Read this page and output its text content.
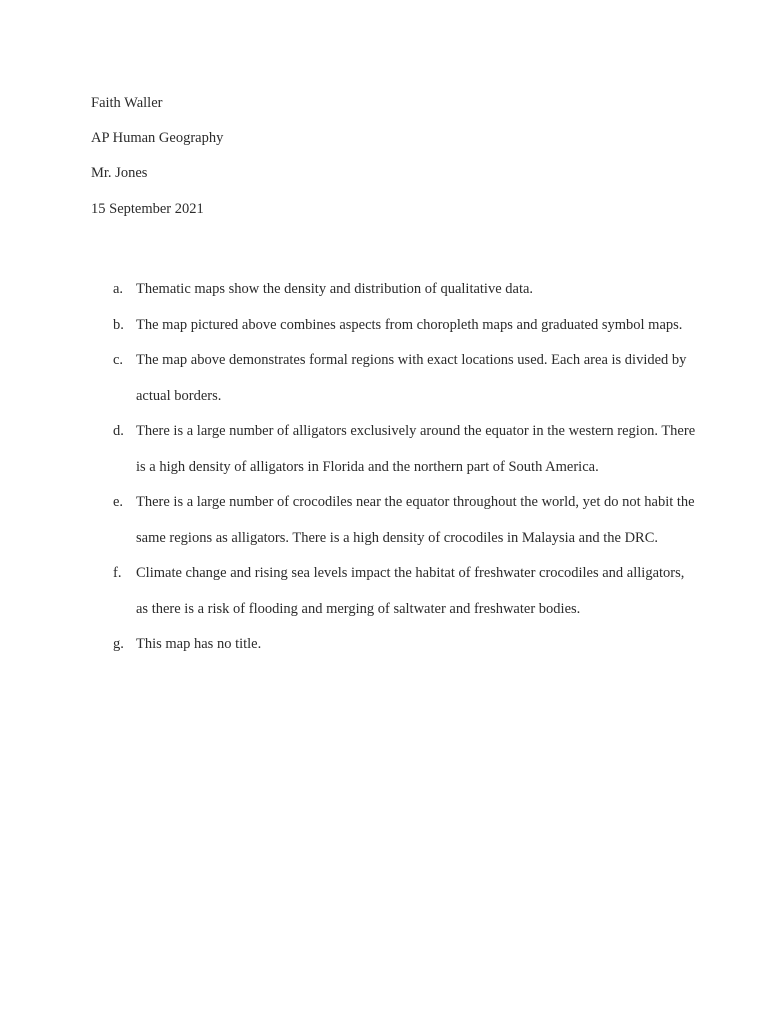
Faith Waller
AP Human Geography
Mr. Jones
15 September 2021
a. Thematic maps show the density and distribution of qualitative data.
b. The map pictured above combines aspects from choropleth maps and graduated symbol maps.
c. The map above demonstrates formal regions with exact locations used. Each area is divided by actual borders.
d. There is a large number of alligators exclusively around the equator in the western region. There is a high density of alligators in Florida and the northern part of South America.
e. There is a large number of crocodiles near the equator throughout the world, yet do not habit the same regions as alligators. There is a high density of crocodiles in Malaysia and the DRC.
f. Climate change and rising sea levels impact the habitat of freshwater crocodiles and alligators, as there is a risk of flooding and merging of saltwater and freshwater bodies.
g. This map has no title.
